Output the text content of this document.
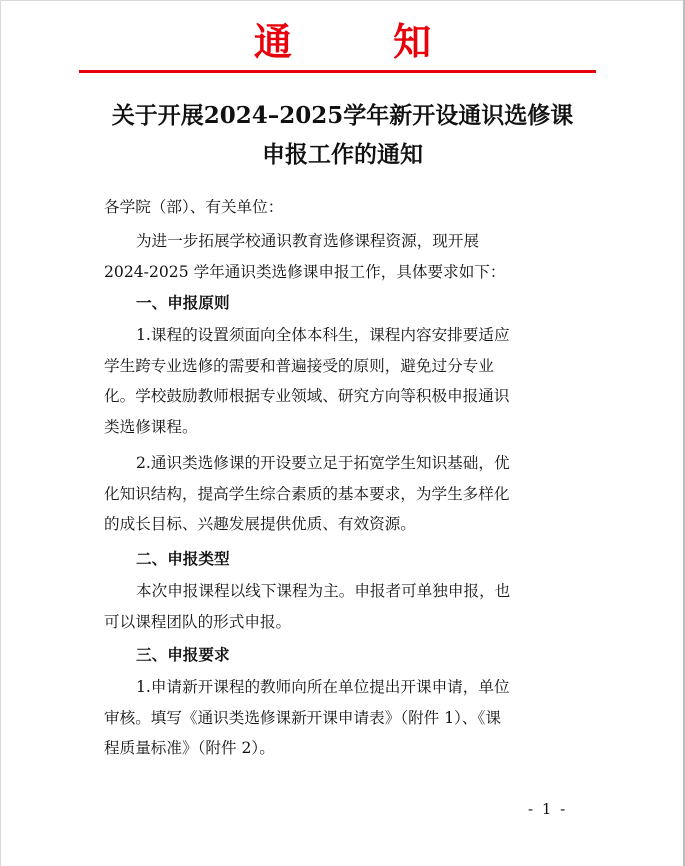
通 知
关于开展2024–2025学年新开设通识选修课
申报工作的通知
各学院（部）、有关单位：
为进一步拓展学校通识教育选修课程资源，现开展
2024-2025 学年通识类选修课申报工作，具体要求如下：
一、申报原则
1.课程的设置须面向全体本科生，课程内容安排要适应
学生跨专业选修的需要和普遍接受的原则，避免过分专业
化。学校鼓励教师根据专业领域、研究方向等积极申报通识
类选修课程。
2.通识类选修课的开设要立足于拓宽学生知识基础，优
化知识结构，提高学生综合素质的基本要求，为学生多样化
的成长目标、兴趣发展提供优质、有效资源。
二、申报类型
本次申报课程以线下课程为主。申报者可单独申报，也
可以课程团队的形式申报。
三、申报要求
1.申请新开课程的教师向所在单位提出开课申请，单位
审核。填写《通识类选修课新开课申请表》（附件 1）、《课
程质量标准》（附件 2）。
- 1 -
